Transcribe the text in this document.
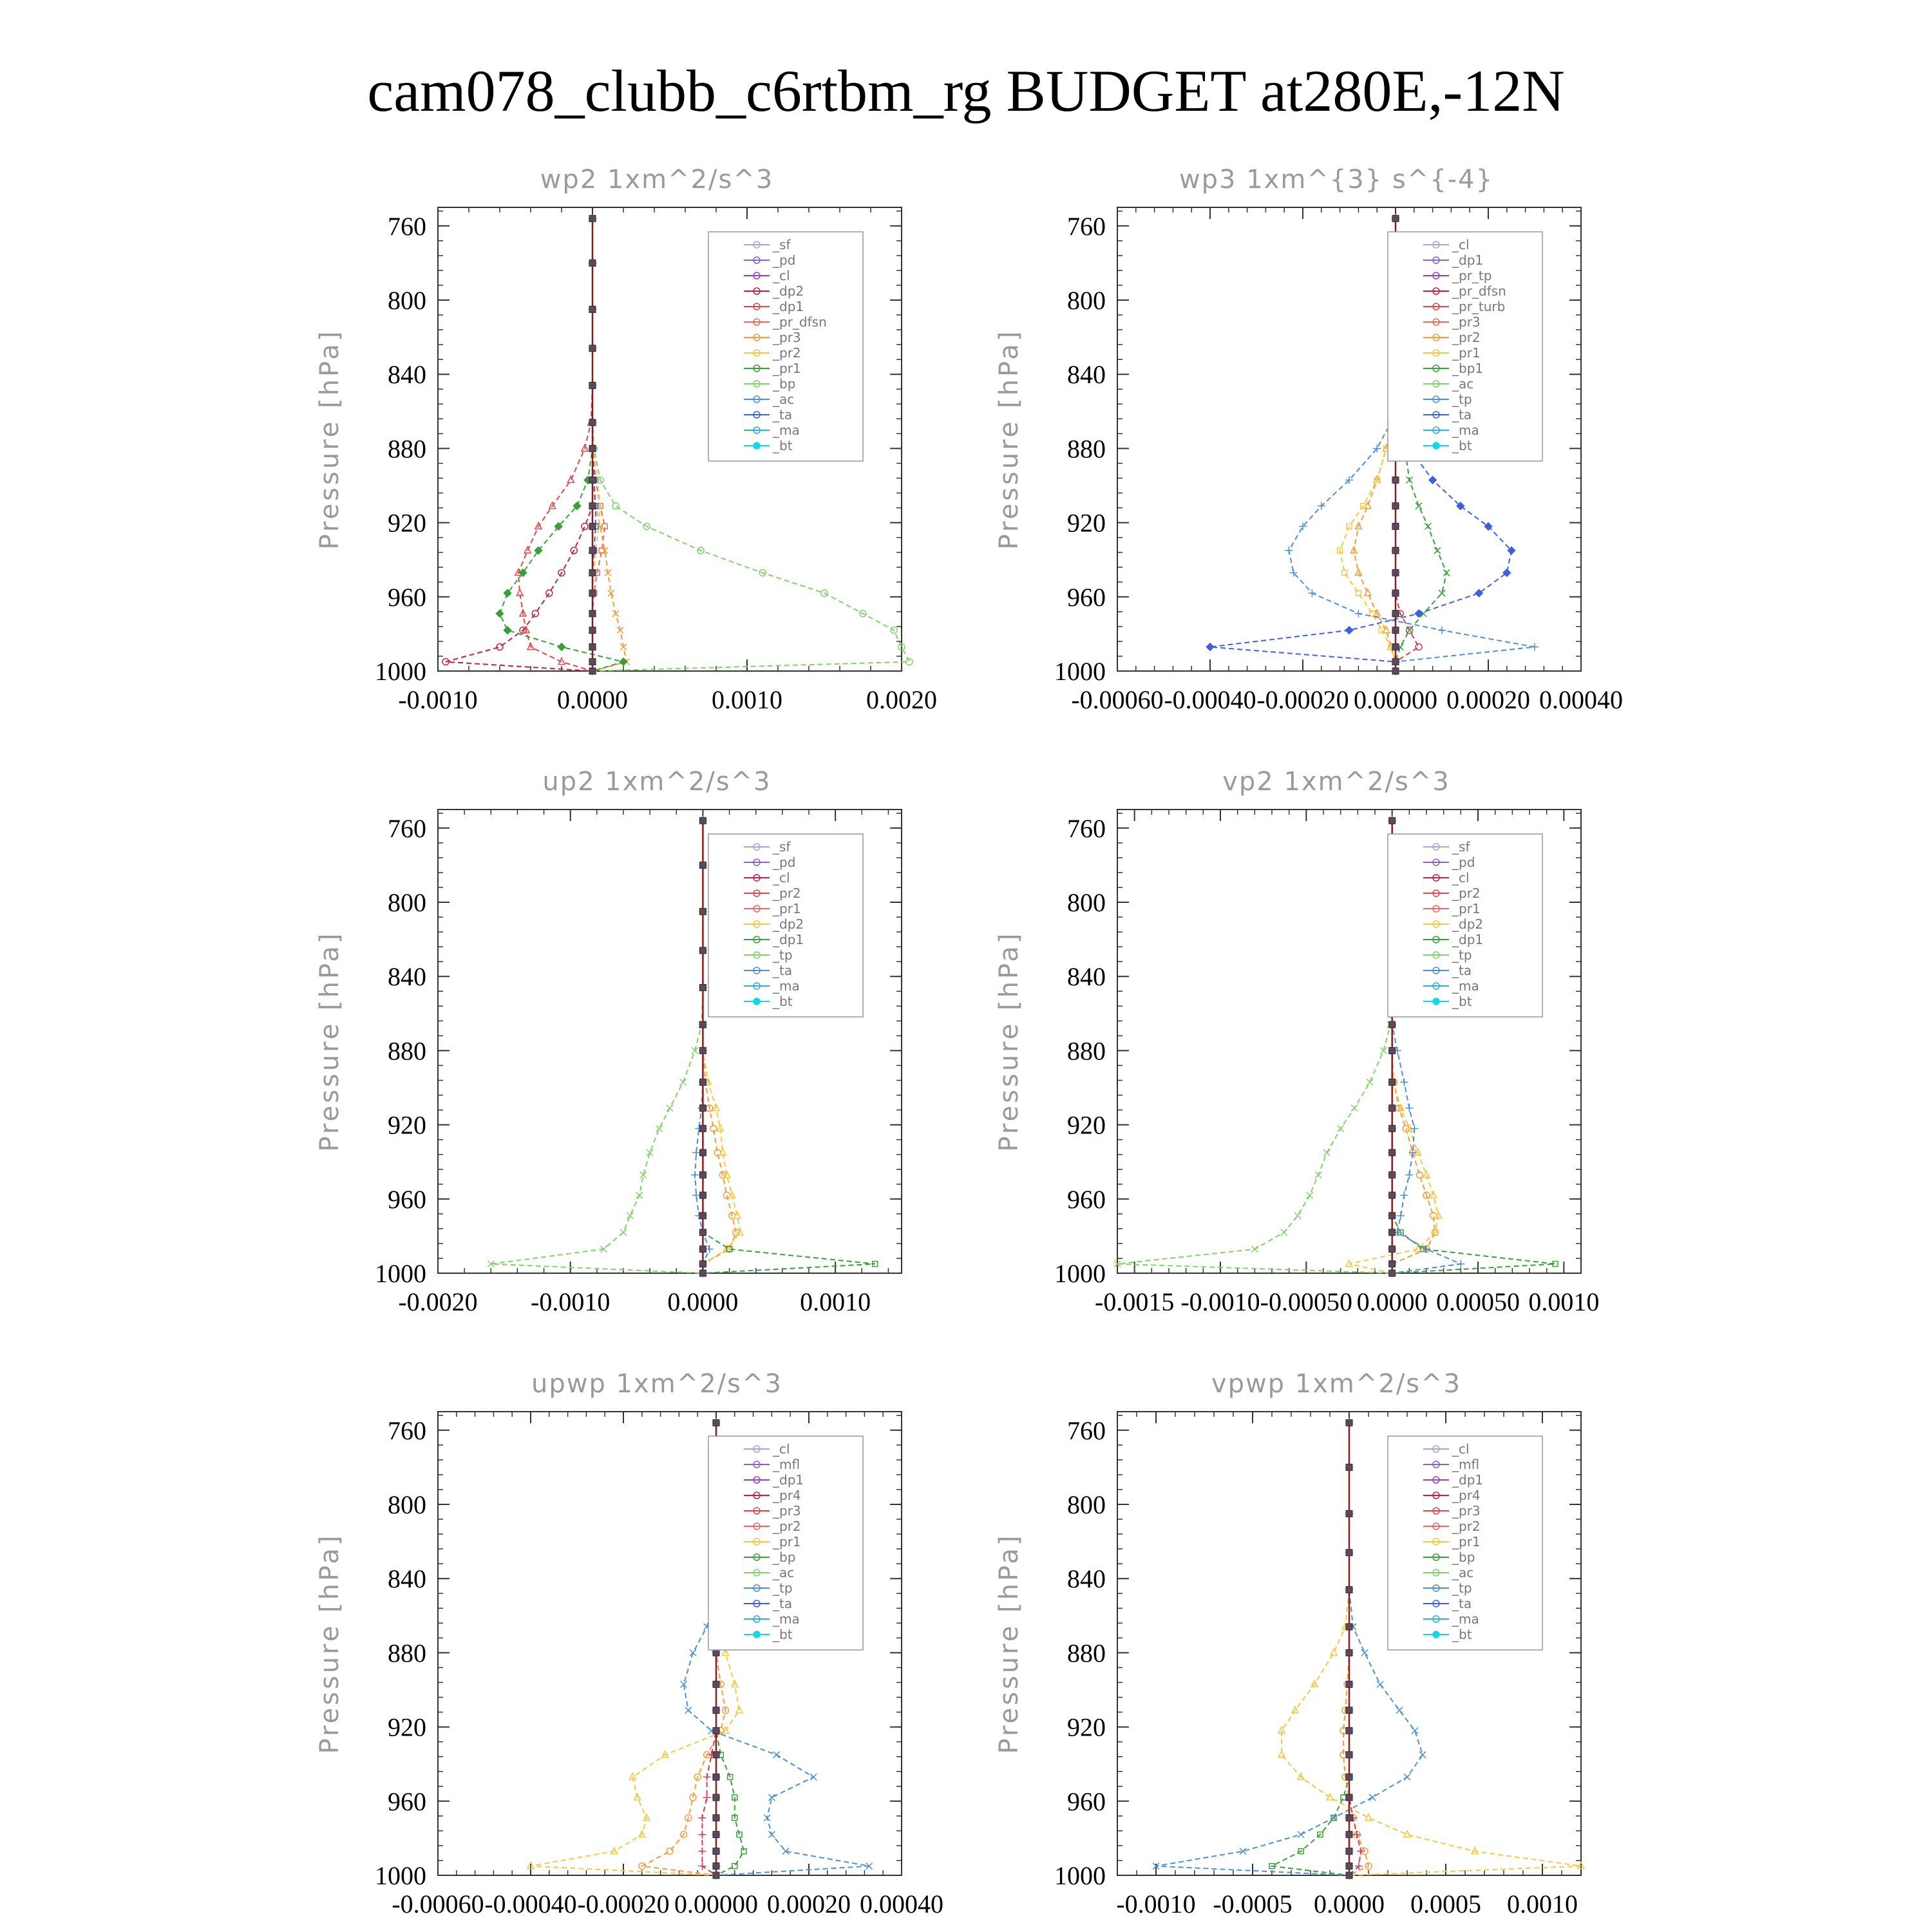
cam078_clubb_c6rtbm_rg BUDGET at280E,-12N
wp2 1xm^2/s^3
Pressure [hPa]
760
800
840
880
920
960
1000
-0.0010	0.0000	0.0010	0.0020
_sf
_pd
_cl
_dp2
_dp1
_pr_dfsn
_pr3
_pr2
_pr1
_bp
_ac
_ta
_ma
_bt
wp3 1xm^{3} s^{-4}
Pressure [hPa]
760
800
840
880
920
960
1000
-0.00060 -0.00040 -0.00020 0.00000 0.00020 0.00040
_cl
_dp1
_pr_tp
_pr_dfsn
_pr_turb
_pr3
_pr2
_pr1
_bp1
_ac
_tp
_ta
_ma
_bt
up2 1xm^2/s^3
Pressure [hPa]
760
800
840
880
920
960
1000
-0.0020 -0.0010 0.0000 0.0010
_sf
_pd
_cl
_pr2
_pr1
_dp2
_dp1
_tp
_ta
_ma
_bt
vp2 1xm^2/s^3
Pressure [hPa]
760
800
840
880
920
960
1000
-0.0015 -0.0010 -0.00050 0.0000 0.00050 0.0010
_sf
_pd
_cl
_pr2
_pr1
_dp2
_dp1
_tp
_ta
_ma
_bt
upwp 1xm^2/s^3
Pressure [hPa]
760
800
840
880
920
960
1000
-0.00060 -0.00040 -0.00020 0.00000 0.00020 0.00040
_cl
_mfl
_dp1
_pr4
_pr3
_pr2
_pr1
_bp
_ac
_tp
_ta
_ma
_bt
vpwp 1xm^2/s^3
Pressure [hPa]
760
800
840
880
920
960
1000
-0.0010 -0.0005 0.0000 0.0005 0.0010
_cl
_mfl
_dp1
_pr4
_pr3
_pr2
_pr1
_bp
_ac
_tp
_ta
_ma
_bt
